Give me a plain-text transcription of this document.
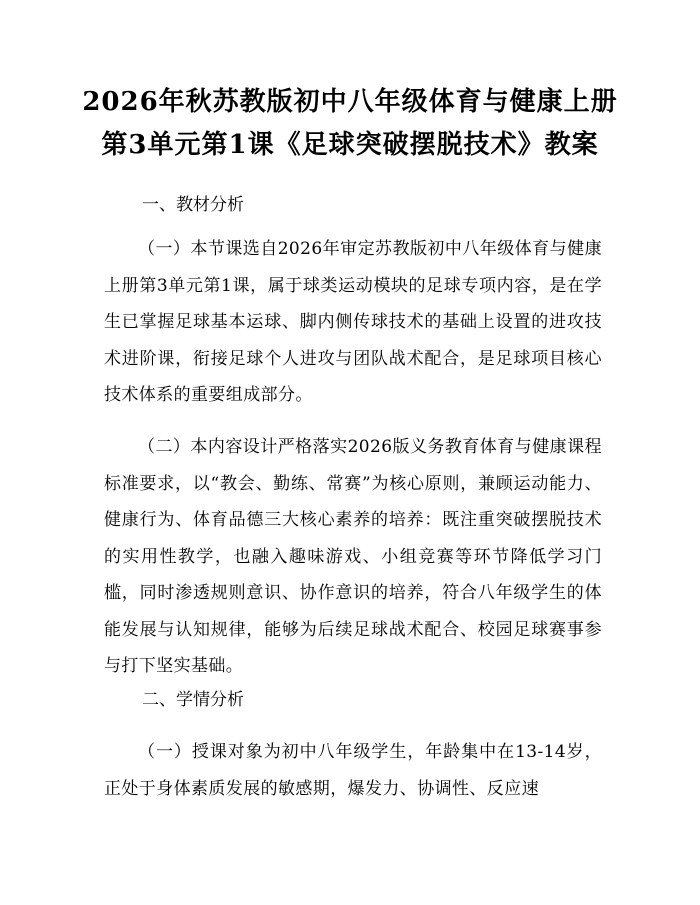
2026年秋苏教版初中八年级体育与健康上册
第3单元第1课《足球突破摆脱技术》教案
一、教材分析

（一）本节课选自2026年审定苏教版初中八年级体育与健康上册第3单元第1课，属于球类运动模块的足球专项内容，是在学生已掌握足球基本运球、脚内侧传球技术的基础上设置的进攻技术进阶课，衔接足球个人进攻与团队战术配合，是足球项目核心技术体系的重要组成部分。

（二）本内容设计严格落实2026版义务教育体育与健康课程标准要求，以“教会、勤练、常赛”为核心原则，兼顾运动能力、健康行为、体育品德三大核心素养的培养：既注重突破摆脱技术的实用性教学，也融入趣味游戏、小组竞赛等环节降低学习门槛，同时渗透规则意识、协作意识的培养，符合八年级学生的体能发展与认知规律，能够为后续足球战术配合、校园足球赛事参与打下坚实基础。

二、学情分析

（一）授课对象为初中八年级学生，年龄集中在13-14岁，正处于身体素质发展的敏感期，爆发力、协调性、反应速
